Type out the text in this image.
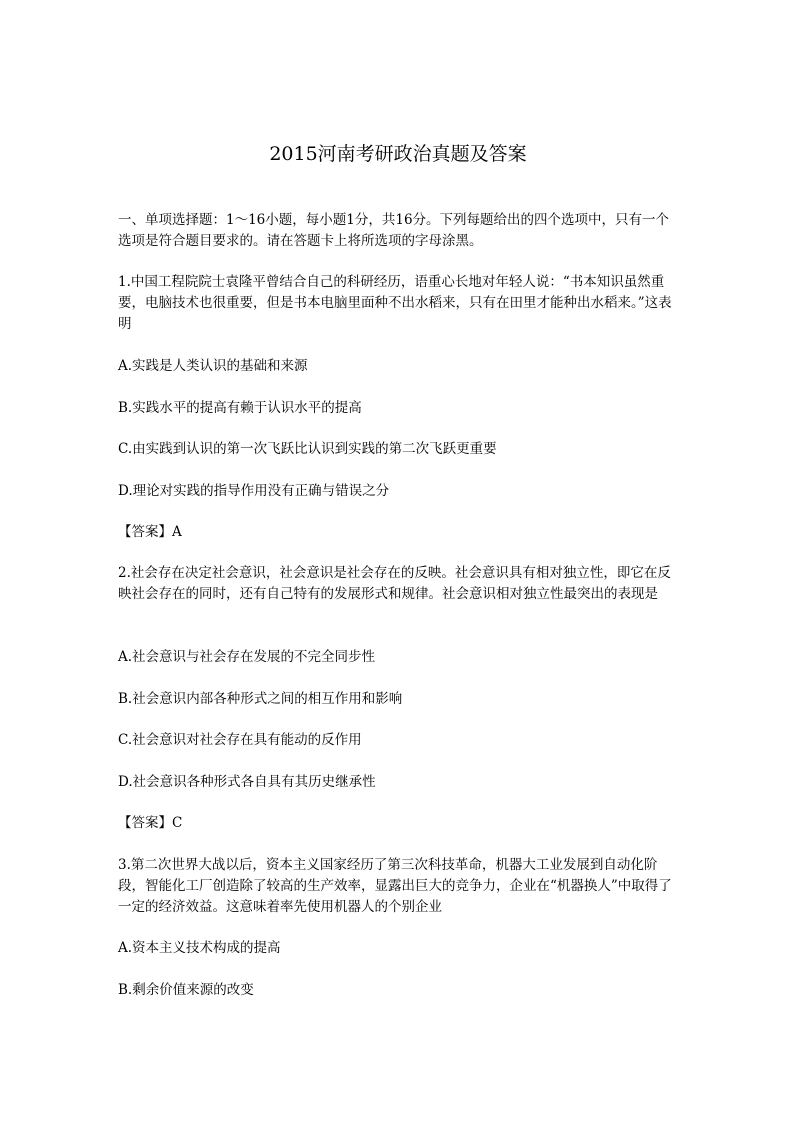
2015河南考研政治真题及答案

一、单项选择题：1～16小题，每小题1分，共16分。下列每题给出的四个选项中，只有一个选项是符合题目要求的。请在答题卡上将所选项的字母涂黑。

1.中国工程院院士袁隆平曾结合自己的科研经历，语重心长地对年轻人说：“书本知识虽然重要，电脑技术也很重要，但是书本电脑里面种不出水稻来，只有在田里才能种出水稻来。”这表明

A.实践是人类认识的基础和来源

B.实践水平的提高有赖于认识水平的提高

C.由实践到认识的第一次飞跃比认识到实践的第二次飞跃更重要

D.理论对实践的指导作用没有正确与错误之分

【答案】A

2.社会存在决定社会意识，社会意识是社会存在的反映。社会意识具有相对独立性，即它在反映社会存在的同时，还有自己特有的发展形式和规律。社会意识相对独立性最突出的表现是

A.社会意识与社会存在发展的不完全同步性

B.社会意识内部各种形式之间的相互作用和影响

C.社会意识对社会存在具有能动的反作用

D.社会意识各种形式各自具有其历史继承性

【答案】C

3.第二次世界大战以后，资本主义国家经历了第三次科技革命，机器大工业发展到自动化阶段，智能化工厂创造除了较高的生产效率，显露出巨大的竞争力，企业在“机器换人”中取得了一定的经济效益。这意味着率先使用机器人的个别企业

A.资本主义技术构成的提高

B.剩余价值来源的改变
